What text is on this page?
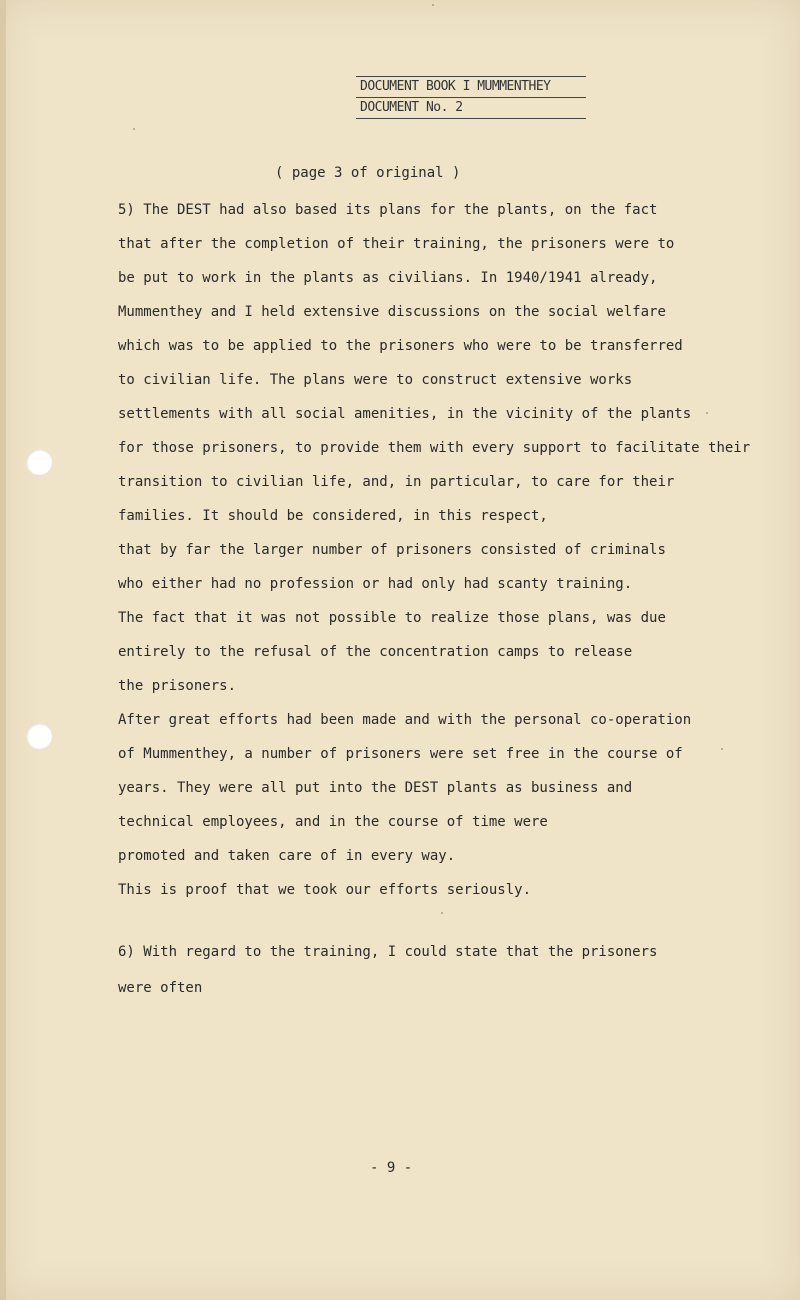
DOCUMENT BOOK I MUMMENTHEY
DOCUMENT No. 2
( page 3 of original )
5) The DEST had also based its plans for the plants, on the fact
that after the completion of their training, the prisoners were to
be put to work in the plants as civilians. In 1940/1941 already,
Mummenthey and I held extensive discussions on the social welfare
which was to be applied to the prisoners who were to be transferred
to civilian life. The plans were to construct extensive works
settlements with all social amenities, in the vicinity of the plants
for those prisoners, to provide them with every support to facilitate their
transition to civilian life, and, in particular, to care for their
families. It should be considered, in this respect,
that by far the larger number of prisoners consisted of criminals
who either had no profession or had only had scanty training.
The fact that it was not possible to realize those plans, was due
entirely to the refusal of the concentration camps to release
the prisoners.
After great efforts had been made and with the personal co-operation
of Mummenthey, a number of prisoners were set free in the course of
years. They were all put into the DEST plants as business and
technical employees, and in the course of time were
promoted and taken care of in every way.
This is proof that we took our efforts seriously.
6) With regard to the training, I could state that the prisoners
were often
- 9 -
